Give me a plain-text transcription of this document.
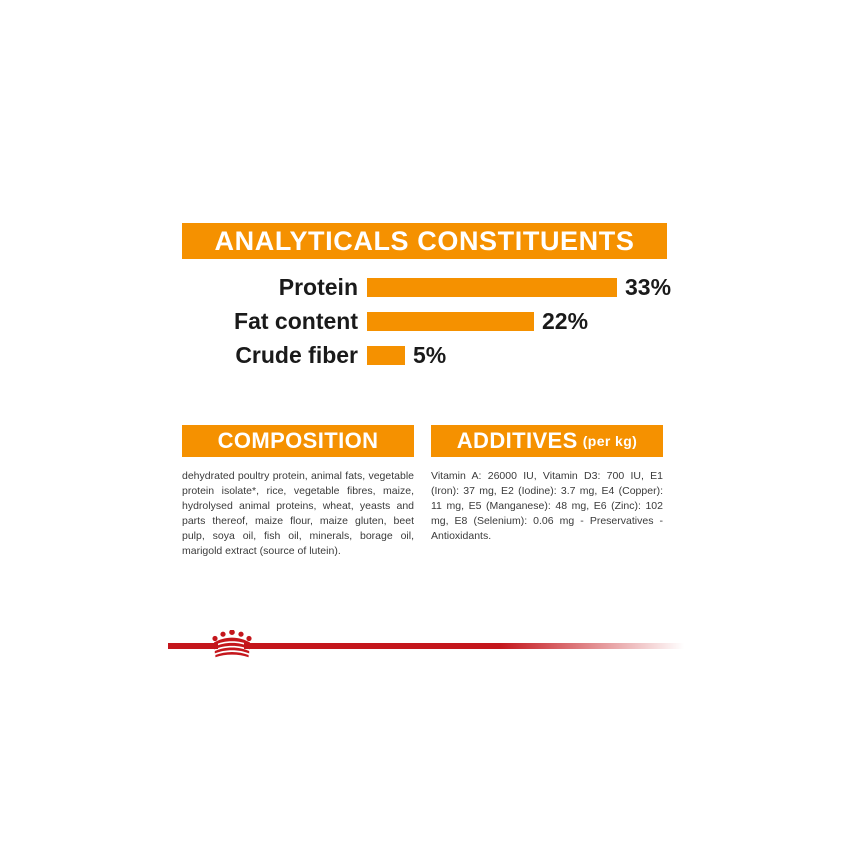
ANALYTICALS CONSTITUENTS
Protein	33%
Fat content	22%
Crude fiber	5%
COMPOSITION
dehydrated poultry protein, animal fats, vegetable protein isolate*, rice, vegetable fibres, maize, hydrolysed animal proteins, wheat, yeasts and parts thereof, maize flour, maize gluten, beet pulp, soya oil, fish oil, minerals, borage oil, marigold extract (source of lutein).
ADDITIVES (per kg)
Vitamin A: 26000 IU, Vitamin D3: 700 IU, E1 (Iron): 37 mg, E2 (Iodine): 3.7 mg, E4 (Copper): 11 mg, E5 (Manganese): 48 mg, E6 (Zinc): 102 mg, E8 (Selenium): 0.06 mg - Preservatives - Antioxidants.
